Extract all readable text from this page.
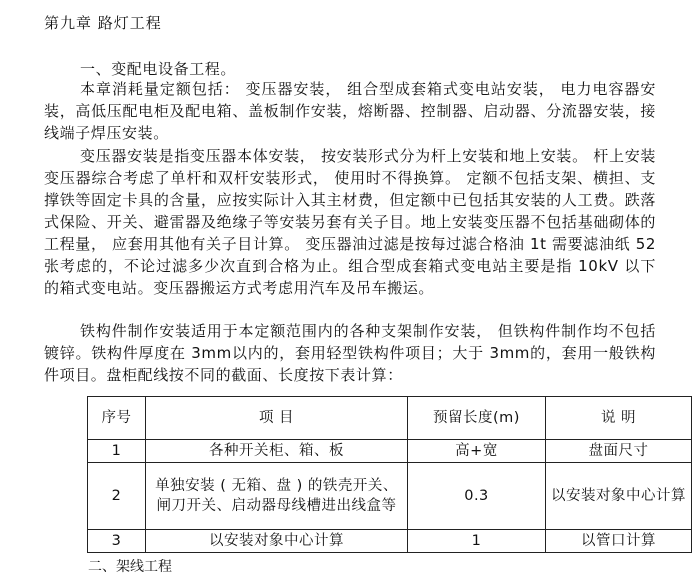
第九章 路灯工程
一、变配电设备工程。
本章消耗量定额包括： 变压器安装， 组合型成套箱式变电站安装， 电力电容器安装，高低压配电柜及配电箱、盖板制作安装，熔断器、控制器、启动器、分流器安装，接线端子焊压安装。
变压器安装是指变压器本体安装， 按安装形式分为杆上安装和地上安装。 杆上安装变压器综合考虑了单杆和双杆安装形式， 使用时不得换算。 定额不包括支架、横担、支撑铁等固定卡具的含量，应按实际计入其主材费，但定额中已包括其安装的人工费。跌落式保险、开关、避雷器及绝缘子等安装另套有关子目。地上安装变压器不包括基础砌体的工程量， 应套用其他有关子目计算。 变压器油过滤是按每过滤合格油 1t 需要滤油纸 52张考虑的，不论过滤多少次直到合格为止。组合型成套箱式变电站主要是指 10kV 以下的箱式变电站。变压器搬运方式考虑用汽车及吊车搬运。
铁构件制作安装适用于本定额范围内的各种支架制作安装， 但铁构件制作均不包括镀锌。铁构件厚度在 3mm以内的，套用轻型铁构件项目；大于 3mm的，套用一般铁构件项目。盘柜配线按不同的截面、长度按下表计算：
序号	项 目	预留长度(m)	说 明
1	各种开关柜、箱、板	高+宽	盘面尺寸
2	单独安装 ( 无箱、盘 ) 的铁壳开关、闸刀开关、启动器母线槽进出线盒等	0.3	以安装对象中心计算
3	以安装对象中心计算	1	以管口计算
二、架线工程
